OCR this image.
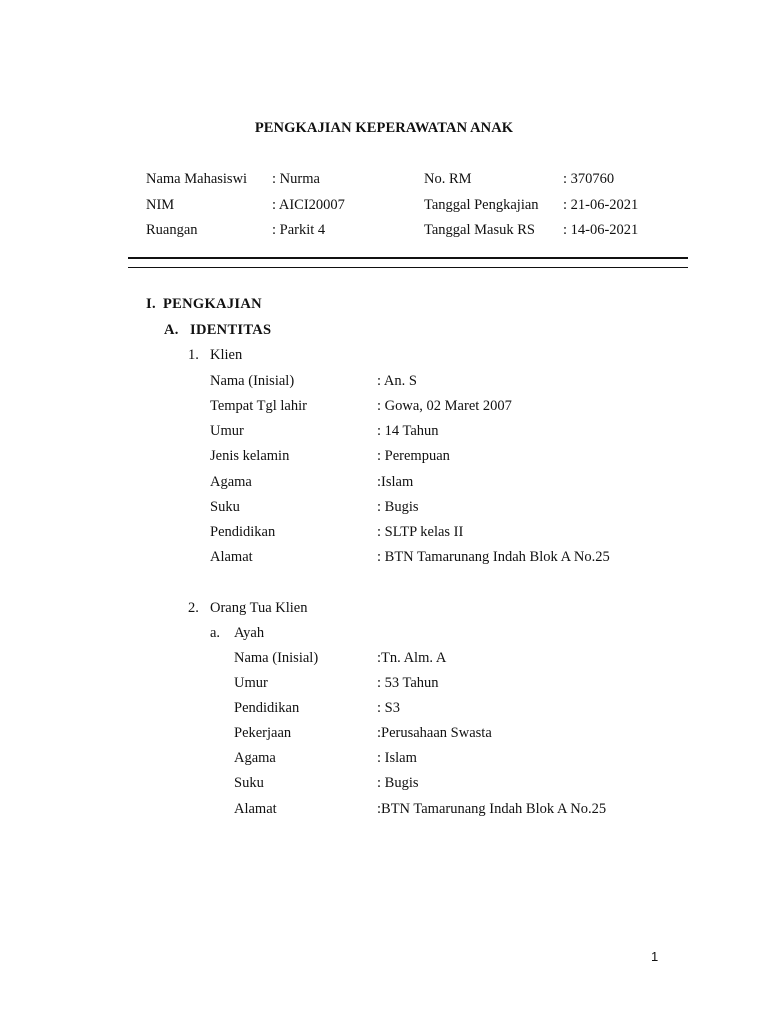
PENGKAJIAN KEPERAWATAN ANAK
Nama Mahasiswi : Nurma	No. RM	: 370760
NIM	: AICI20007	Tanggal Pengkajian : 21-06-2021
Ruangan	: Parkit 4	Tanggal Masuk RS : 14-06-2021
I. PENGKAJIAN
A. IDENTITAS
1. Klien
Nama (Inisial)	: An. S
Tempat Tgl lahir	: Gowa, 02 Maret 2007
Umur	: 14 Tahun
Jenis kelamin	: Perempuan
Agama	:Islam
Suku	: Bugis
Pendidikan	: SLTP kelas II
Alamat	: BTN Tamarunang Indah Blok A No.25
2. Orang Tua Klien
a. Ayah
Nama (Inisial)	:Tn. Alm. A
Umur	: 53 Tahun
Pendidikan	: S3
Pekerjaan	:Perusahaan Swasta
Agama	: Islam
Suku	: Bugis
Alamat	:BTN Tamarunang Indah Blok A No.25
1
